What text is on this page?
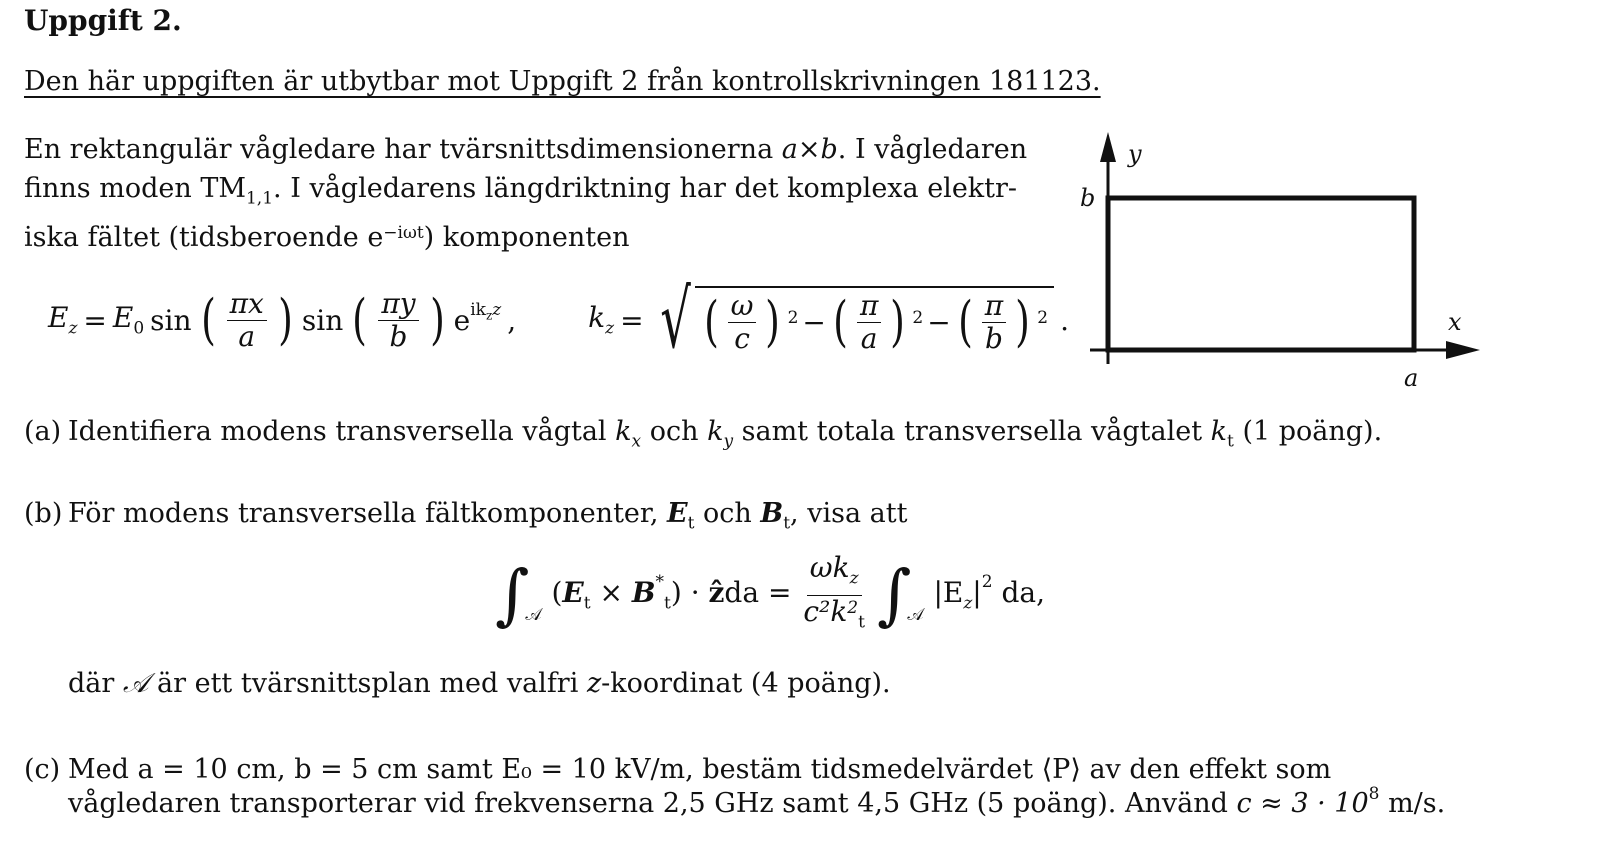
Uppgift 2.
Den här uppgiften är utbytbar mot Uppgift 2 från kontrollskrivningen 181123.
En rektangulär vågledare har tvärsnittsdimensionerna a×b. I vågledaren
finns moden $TM_{1,1}$. I vågledarens längdriktning har det komplexa elektr-
iska fältet (tidsberoende $e^{-i\omega t}$) komponenten
$E_z = E_0$ sin ( $\frac{\pi x}{a}$ ) sin ( $\frac{\pi y}{b}$ ) $e^{ik_zz}$ ,	$k_z$ = √ ( $\frac{\omega}{c}$ ) $^2$ − ( $\frac{\pi}{a}$ ) $^2$ − ( $\frac{\pi}{b}$ ) $^2$ .
y
x
b
a
(a) Identifiera modens transversella vågtal $k_x$ och $k_y$ samt totala transversella vågtalet $k_t$ (1 poäng).
(b) För modens transversella fältkomponenter, $E_t$ och $B_t$, visa att
∫
𝒜
$(E_t \times B^*_t)$ · ẑda = $\frac{\omega k_z}{c^2k^2_t}$ ∫
𝒜
$|E_z|^2$ da,
där 𝒜 är ett tvärsnittsplan med valfri z-koordinat (4 poäng).
(c) Med a = 10 cm, b = 5 cm samt E₀ = 10 kV/m, bestäm tidsmedelvärdet ⟨P⟩ av den effekt som
vågledaren transporterar vid frekvenserna 2,5 GHz samt 4,5 GHz (5 poäng). Använd $c \approx 3 \cdot 10^8$ m/s.
